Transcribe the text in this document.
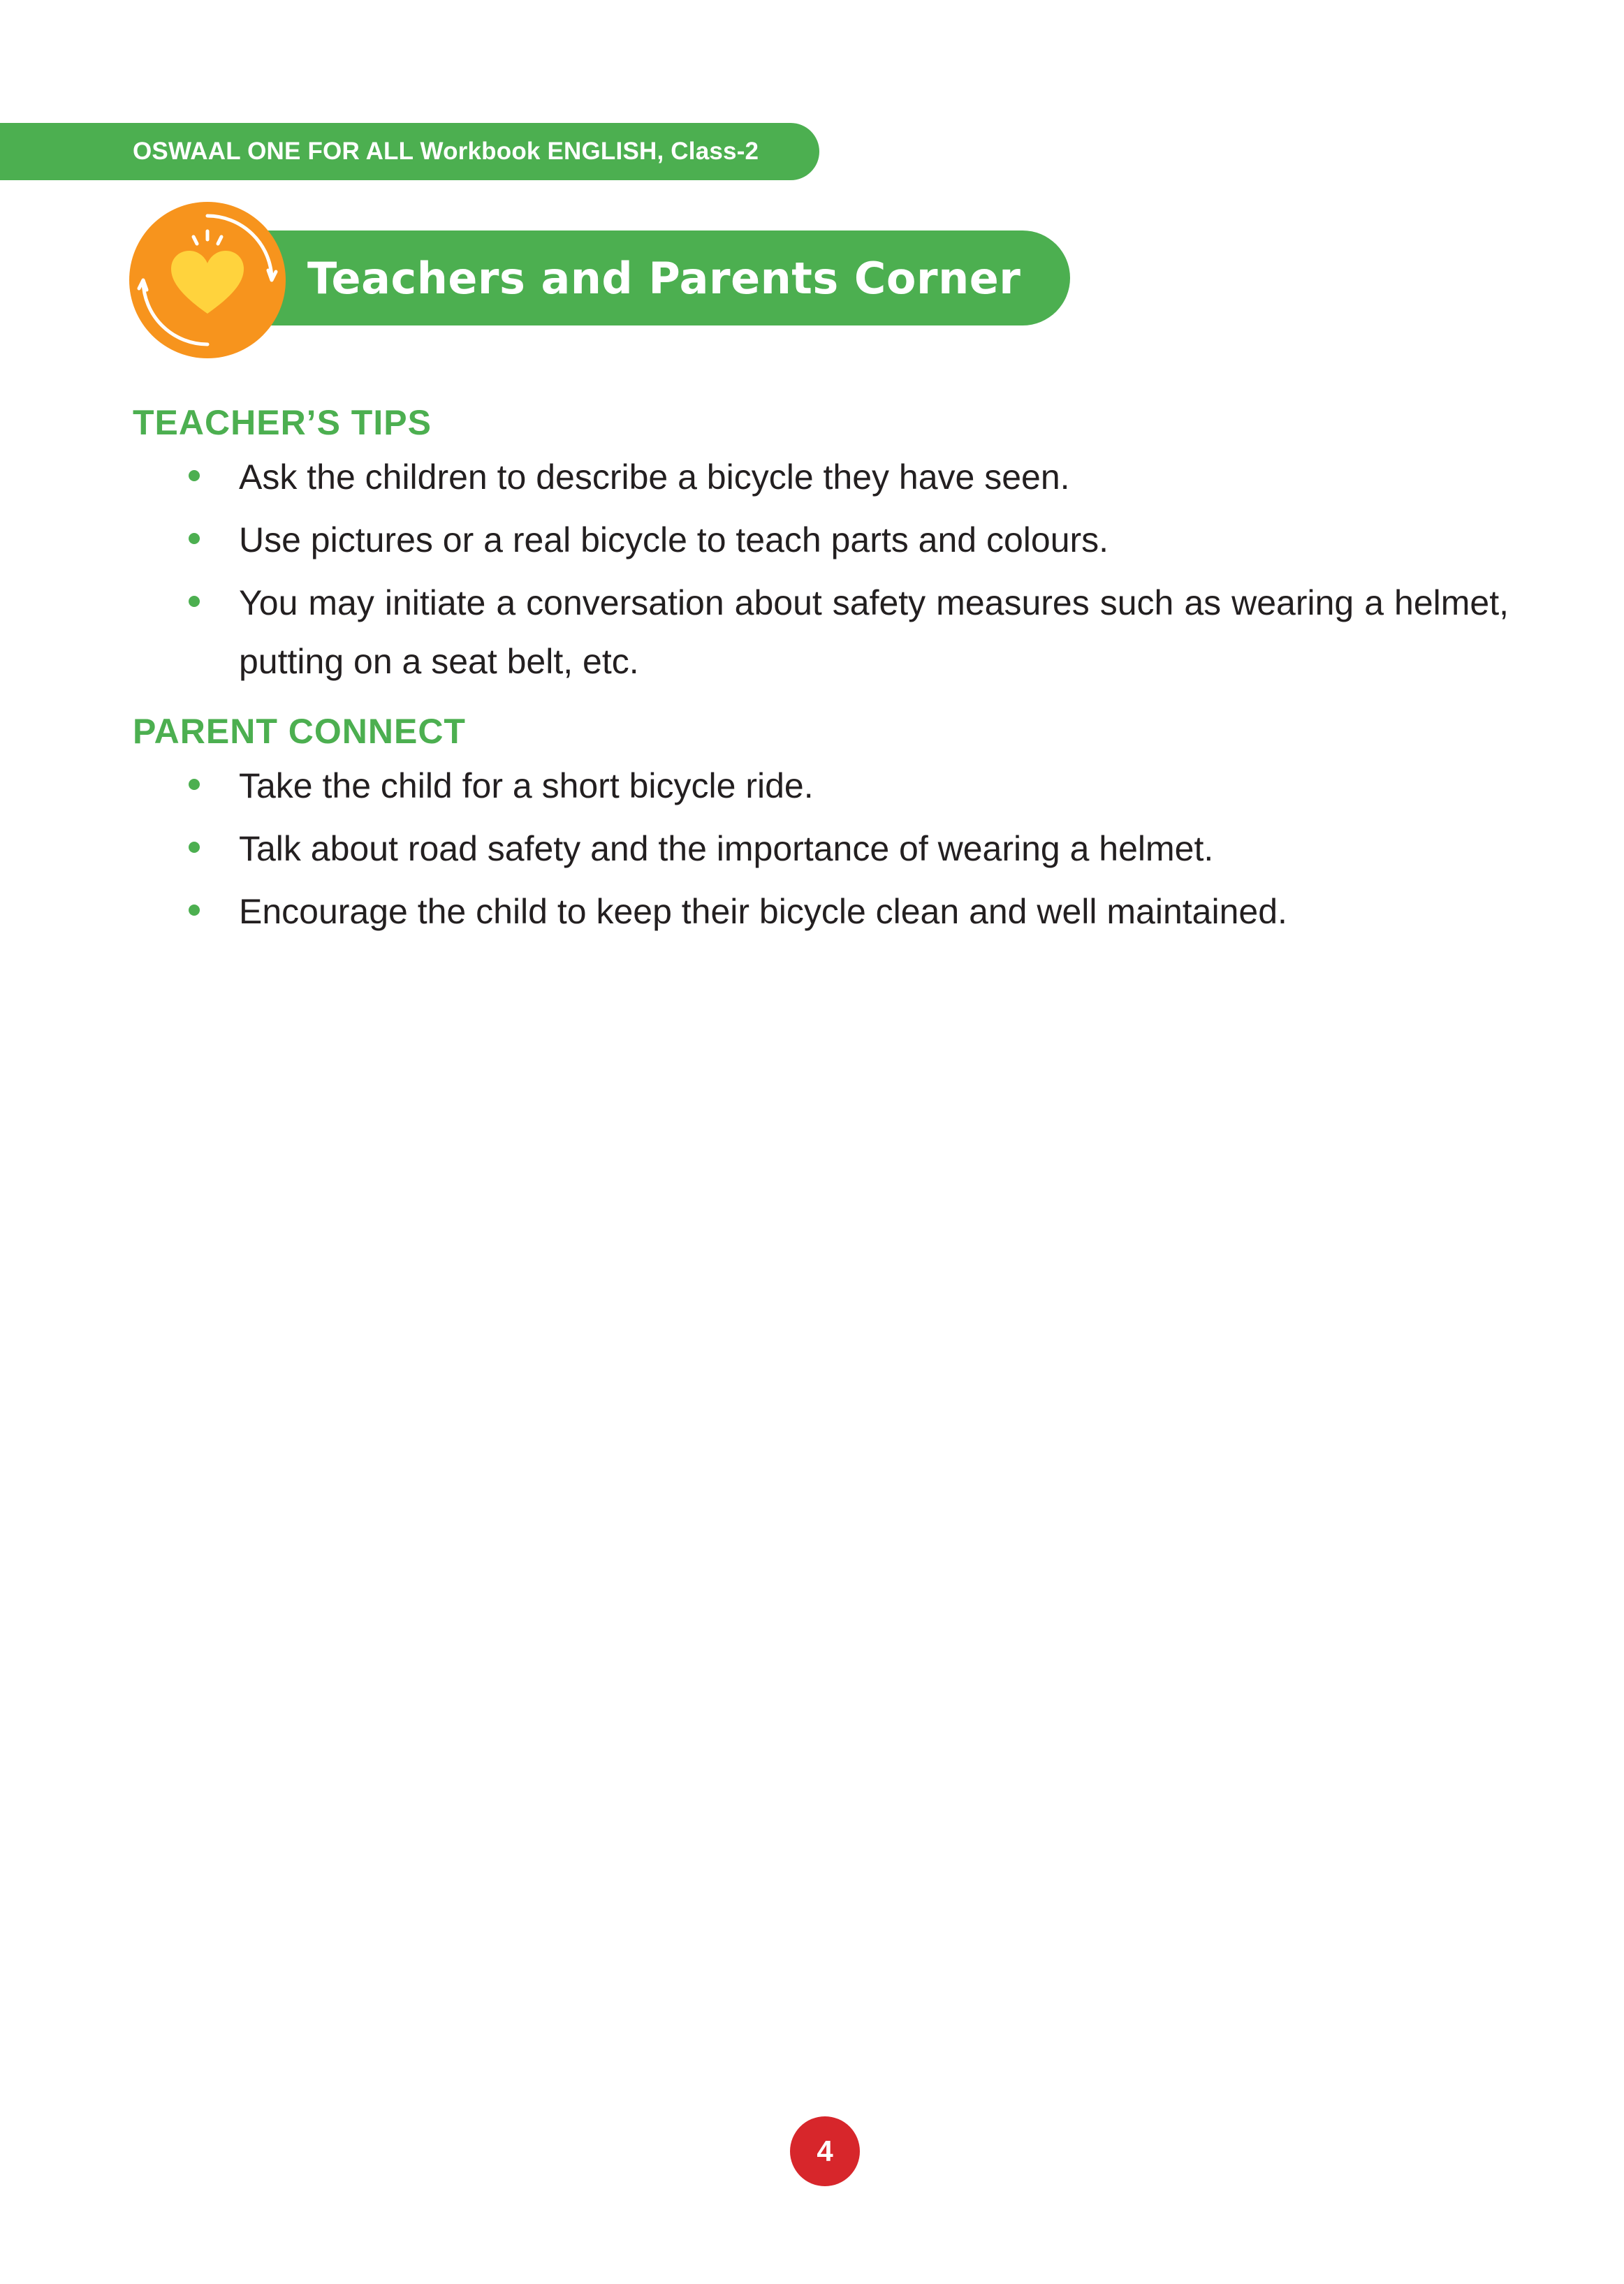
OSWAAL ONE FOR ALL Workbook ENGLISH, Class-2
Teachers and Parents Corner
TEACHER’S TIPS
Ask the children to describe a bicycle they have seen.
Use pictures or a real bicycle to teach parts and colours.
You may initiate a conversation about safety measures such as wearing a helmet, putting on a seat belt, etc.
PARENT CONNECT
Take the child for a short bicycle ride.
Talk about road safety and the importance of wearing a helmet.
Encourage the child to keep their bicycle clean and well maintained.
4
